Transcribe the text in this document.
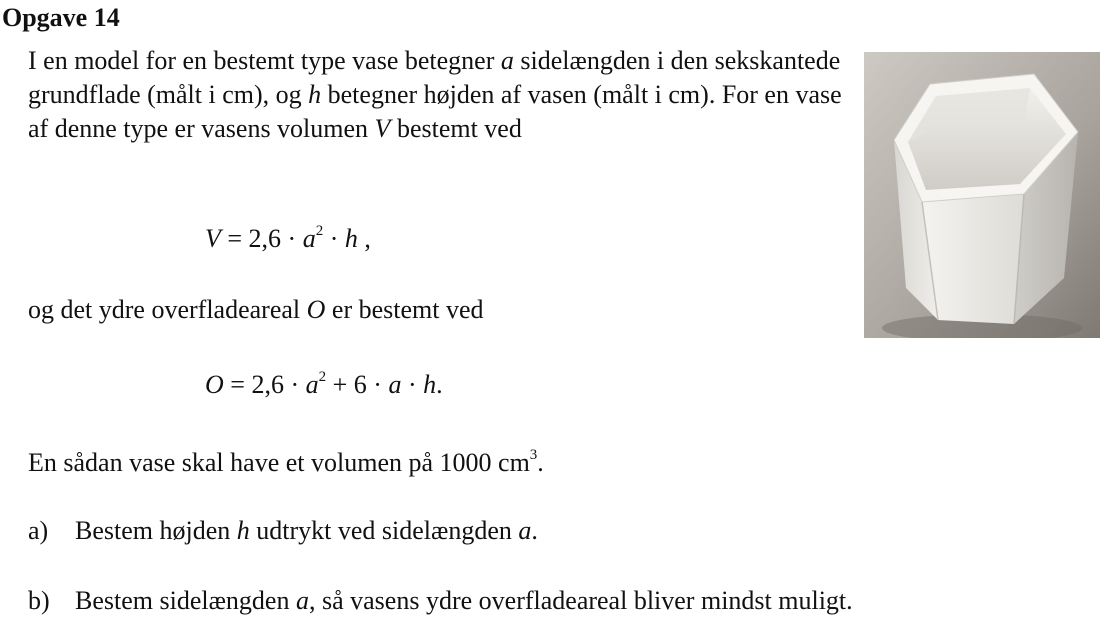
Opgave 14

I en model for en bestemt type vase betegner a sidelængden i den sekskantede grundflade (målt i cm), og h betegner højden af vasen (målt i cm). For en vase af denne type er vasens volumen V bestemt ved

$V = 2,6 \cdot a^2 \cdot h$ ,
og det ydre overfladeareal O er bestemt ved
$O = 2,6 \cdot a^2 + 6 \cdot a \cdot h$.
En sådan vase skal have et volumen på 1000 $cm^3$.
a) Bestem højden h udtrykt ved sidelængden a.
b) Bestem sidelængden a, så vasens ydre overfladeareal bliver mindst muligt.
